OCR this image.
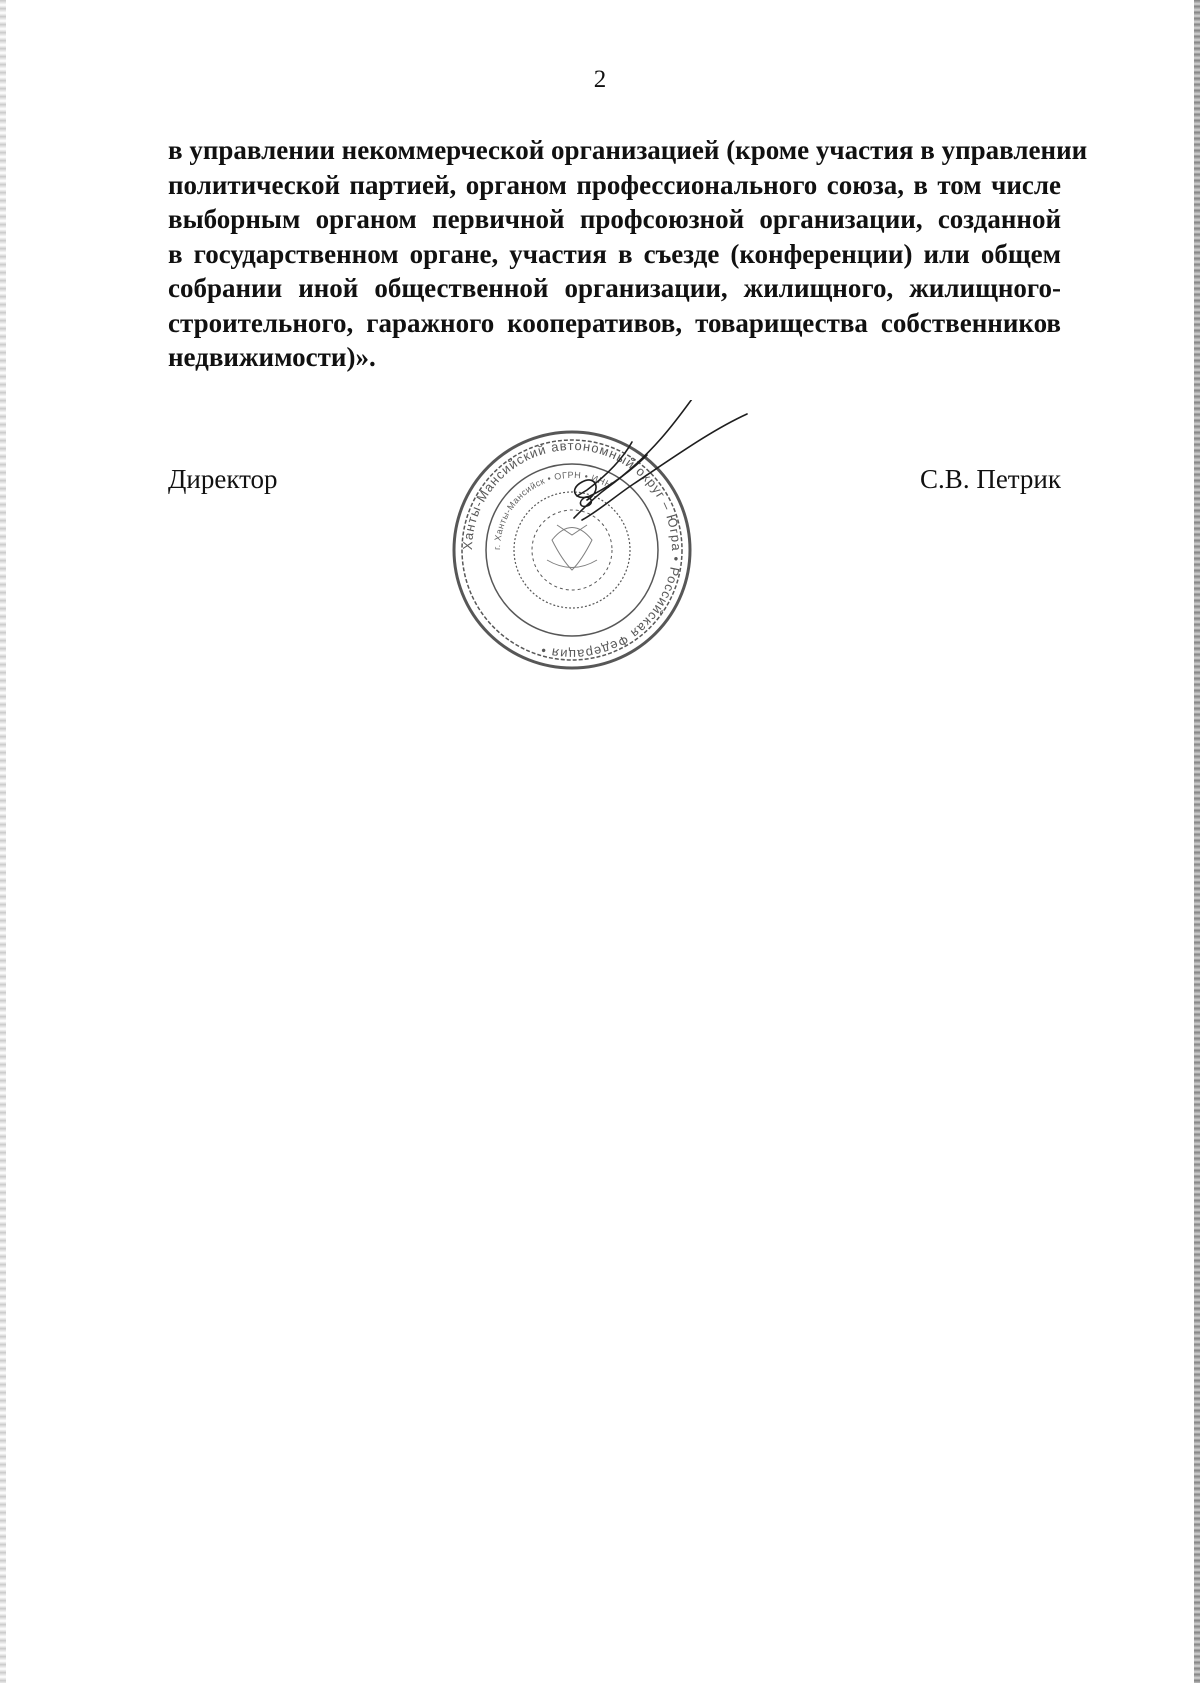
2
в управлении некоммерческой организацией (кроме участия в управлении
политической партией, органом профессионального союза, в том числе
выборным органом первичной профсоюзной организации, созданной
в государственном органе, участия в съезде (конференции) или общем
собрании иной общественной организации, жилищного, жилищного-
строительного, гаражного кооперативов, товарищества собственников
недвижимости)».
Директор	С.В. Петрик
Ханты-Мансийский автономный округ – Югра • Российская Федерация •
г. Ханты-Мансийск • ОГРН • ИНН
